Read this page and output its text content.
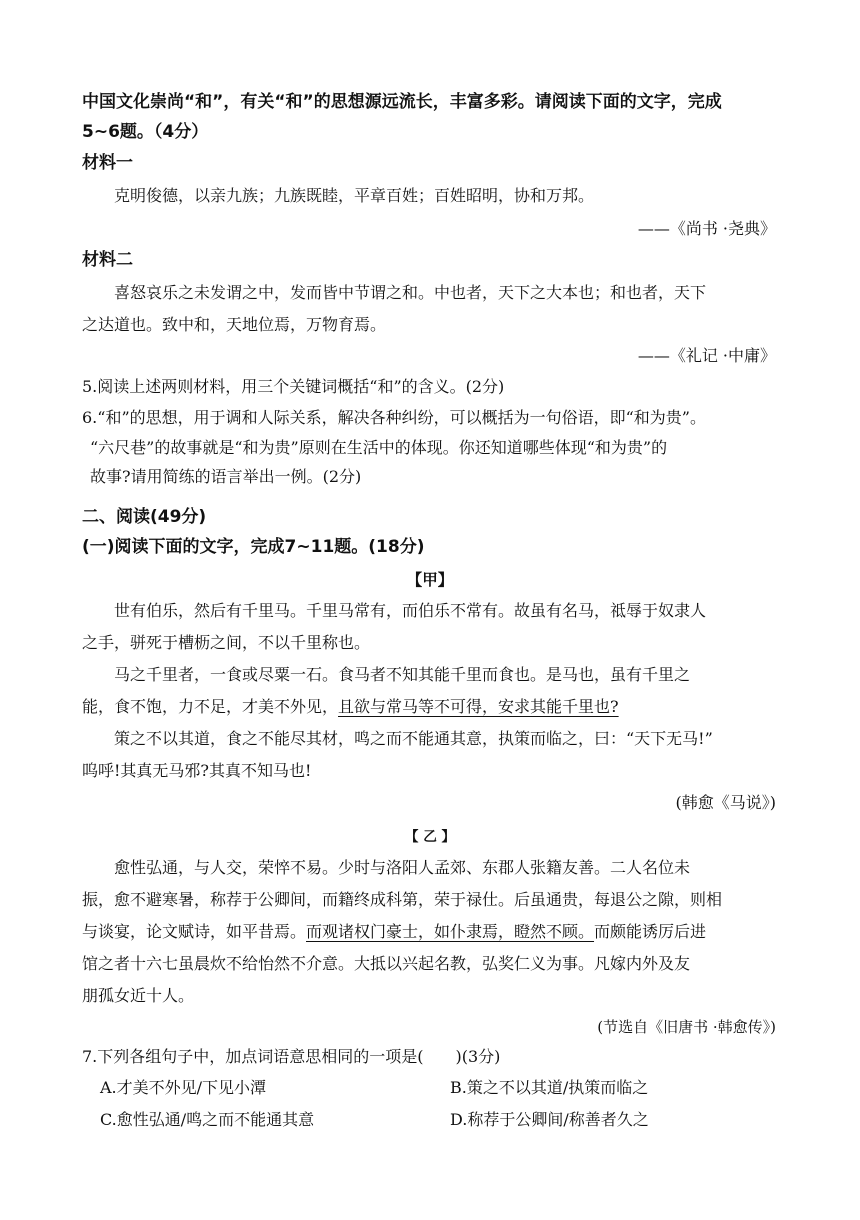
中国文化崇尚“和”，有关“和”的思想源远流长，丰富多彩。请阅读下面的文字，完成
5~6题。（4分）
材料一
克明俊德，以亲九族；九族既睦，平章百姓；百姓昭明，协和万邦。
——《尚书 ·尧典》
材料二
喜怒哀乐之未发谓之中，发而皆中节谓之和。中也者，天下之大本也；和也者，天下
之达道也。致中和，天地位焉，万物育焉。
——《礼记 ·中庸》
5.阅读上述两则材料，用三个关键词概括“和”的含义。(2分)
6.“和”的思想，用于调和人际关系，解决各种纠纷，可以概括为一句俗语，即“和为贵”。
“六尺巷”的故事就是“和为贵”原则在生活中的体现。你还知道哪些体现“和为贵”的
故事?请用简练的语言举出一例。(2分)
二、阅读(49分)
(一)阅读下面的文字，完成7~11题。(18分)
【甲】
世有伯乐，然后有千里马。千里马常有，而伯乐不常有。故虽有名马，祗辱于奴隶人
之手，骈死于槽枥之间，不以千里称也。
马之千里者，一食或尽粟一石。食马者不知其能千里而食也。是马也，虽有千里之
能，食不饱，力不足，才美不外见，且欲与常马等不可得，安求其能千里也?
策之不以其道，食之不能尽其材，鸣之而不能通其意，执策而临之，曰：“天下无马!”
呜呼!其真无马邪?其真不知马也!
(韩愈《马说》)
【 乙 】
愈性弘通，与人交，荣悴不易。少时与洛阳人孟郊、东郡人张籍友善。二人名位未
振，愈不避寒暑，称荐于公卿间，而籍终成科第，荣于禄仕。后虽通贵，每退公之隙，则相
与谈宴，论文赋诗，如平昔焉。而观诸权门豪士，如仆隶焉，瞪然不顾。而颇能诱厉后进
馆之者十六七虽晨炊不给怡然不介意。大抵以兴起名教，弘奖仁义为事。凡嫁内外及友
朋孤女近十人。
(节选自《旧唐书 ·韩愈传》)
7.下列各组句子中，加点词语意思相同的一项是(　　)(3分)
A.才美不外见/下见小潭	B.策之不以其道/执策而临之
C.愈性弘通/鸣之而不能通其意	D.称荐于公卿间/称善者久之
